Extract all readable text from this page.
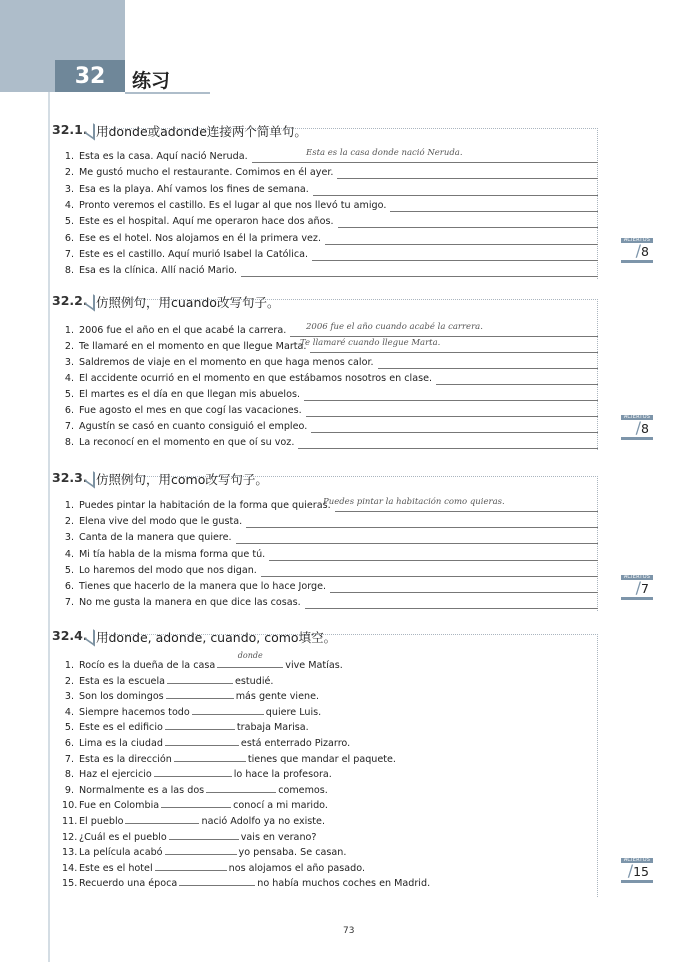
32	练习
32.1. 用donde或adonde连接两个简单句。
1. Esta es la casa. Aquí nació Neruda.	Esta es la casa donde nació Neruda.
2. Me gustó mucho el restaurante. Comimos en él ayer.
3. Esa es la playa. Ahí vamos los fines de semana.
4. Pronto veremos el castillo. Es el lugar al que nos llevó tu amigo.
5. Este es el hospital. Aquí me operaron hace dos años.
6. Ese es el hotel. Nos alojamos en él la primera vez.
7. Este es el castillo. Aquí murió Isabel la Católica.
8. Esa es la clínica. Allí nació Mario.
ACIERTOS
/8
32.2. 仿照例句，用cuando改写句子。
1. 2006 fue el año en el que acabé la carrera. 2006 fue el año cuando acabé la carrera.
2. Te llamaré en el momento en que llegue Marta.
Te llamaré cuando llegue Marta.
3. Saldremos de viaje en el momento en que haga menos calor.
4. El accidente ocurrió en el momento en que estábamos nosotros en clase.
5. El martes es el día en que llegan mis abuelos.
6. Fue agosto el mes en que cogí las vacaciones.
7. Agustín se casó en cuanto consiguió el empleo.
8. La reconocí en el momento en que oí su voz.
ACIERTOS
/8
32.3. 仿照例句，用como改写句子。
1. Puedes pintar la habitación de la forma que quieras.
Puedes pintar la habitación como quieras.
2. Elena vive del modo que le gusta.
3. Canta de la manera que quiere.
4. Mi tía habla de la misma forma que tú.
5. Lo haremos del modo que nos digan.
6. Tienes que hacerlo de la manera que lo hace Jorge.
7. No me gusta la manera en que dice las cosas.
ACIERTOS
/7
32.4. 用donde, adonde, cuando, como填空。
1. Rocío es la dueña de la casa
donde
vive Matías.
2. Esta es la escuela	estudié.
3. Son los domingos	más gente viene.
4. Siempre hacemos todo	quiere Luis.
5. Este es el edificio	trabaja Marisa.
6. Lima es la ciudad	está enterrado Pizarro.
7. Esta es la dirección	tienes que mandar el paquete.
8. Haz el ejercicio	lo hace la profesora.
9. Normalmente es a las dos	comemos.
10. Fue en Colombia	conocí a mi marido.
11. El pueblo	nació Adolfo ya no existe.
12. ¿Cuál es el pueblo	vais en verano?
13. La película acabó	yo pensaba. Se casan.
14. Este es el hotel	nos alojamos el año pasado.
15. Recuerdo una época	no había muchos coches en Madrid.
ACIERTOS
/15
73
